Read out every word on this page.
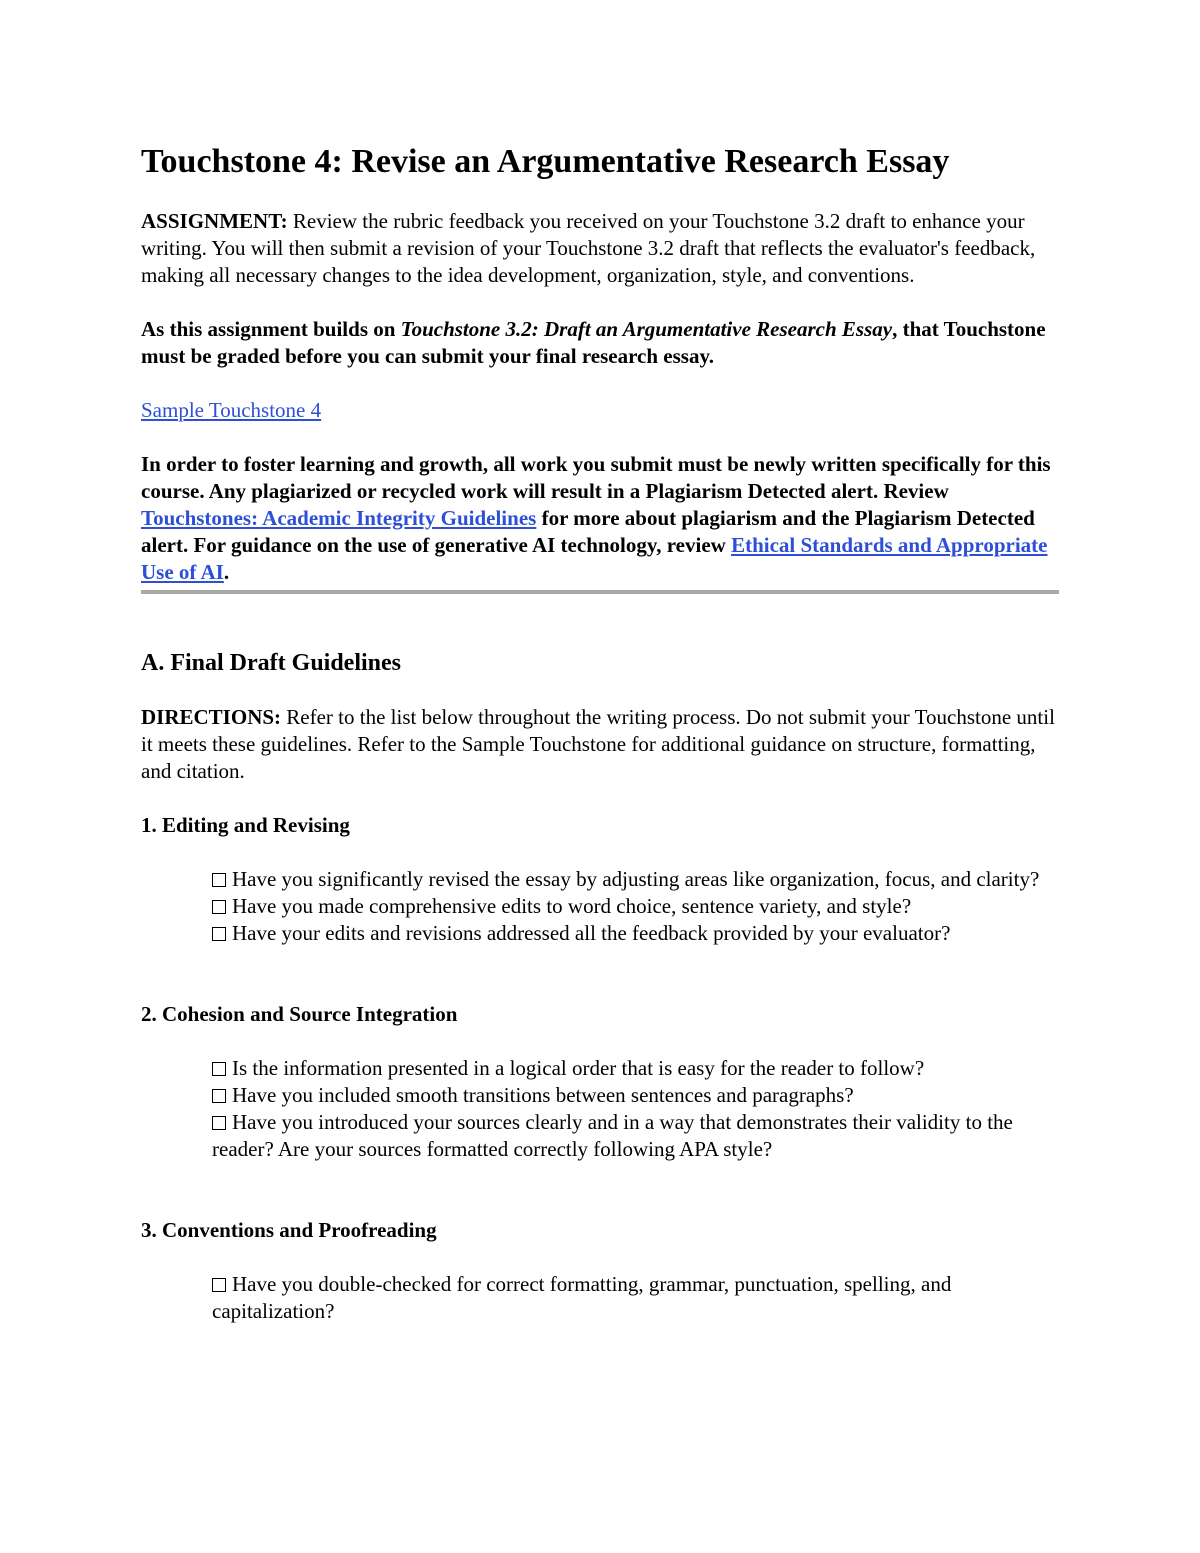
Touchstone 4: Revise an Argumentative Research Essay

ASSIGNMENT: Review the rubric feedback you received on your Touchstone 3.2 draft to enhance your writing. You will then submit a revision of your Touchstone 3.2 draft that reflects the evaluator's feedback, making all necessary changes to the idea development, organization, style, and conventions.

As this assignment builds on Touchstone 3.2: Draft an Argumentative Research Essay, that Touchstone must be graded before you can submit your final research essay.

Sample Touchstone 4

In order to foster learning and growth, all work you submit must be newly written specifically for this course. Any plagiarized or recycled work will result in a Plagiarism Detected alert. Review Touchstones: Academic Integrity Guidelines for more about plagiarism and the Plagiarism Detected alert. For guidance on the use of generative AI technology, review Ethical Standards and Appropriate Use of AI.

A. Final Draft Guidelines

DIRECTIONS: Refer to the list below throughout the writing process. Do not submit your Touchstone until it meets these guidelines. Refer to the Sample Touchstone for additional guidance on structure, formatting, and citation.

1. Editing and Revising
Have you significantly revised the essay by adjusting areas like organization, focus, and clarity?
Have you made comprehensive edits to word choice, sentence variety, and style?
Have your edits and revisions addressed all the feedback provided by your evaluator?
2. Cohesion and Source Integration
Is the information presented in a logical order that is easy for the reader to follow?
Have you included smooth transitions between sentences and paragraphs?
Have you introduced your sources clearly and in a way that demonstrates their validity to the reader? Are your sources formatted correctly following APA style?
3. Conventions and Proofreading
Have you double-checked for correct formatting, grammar, punctuation, spelling, and capitalization?
